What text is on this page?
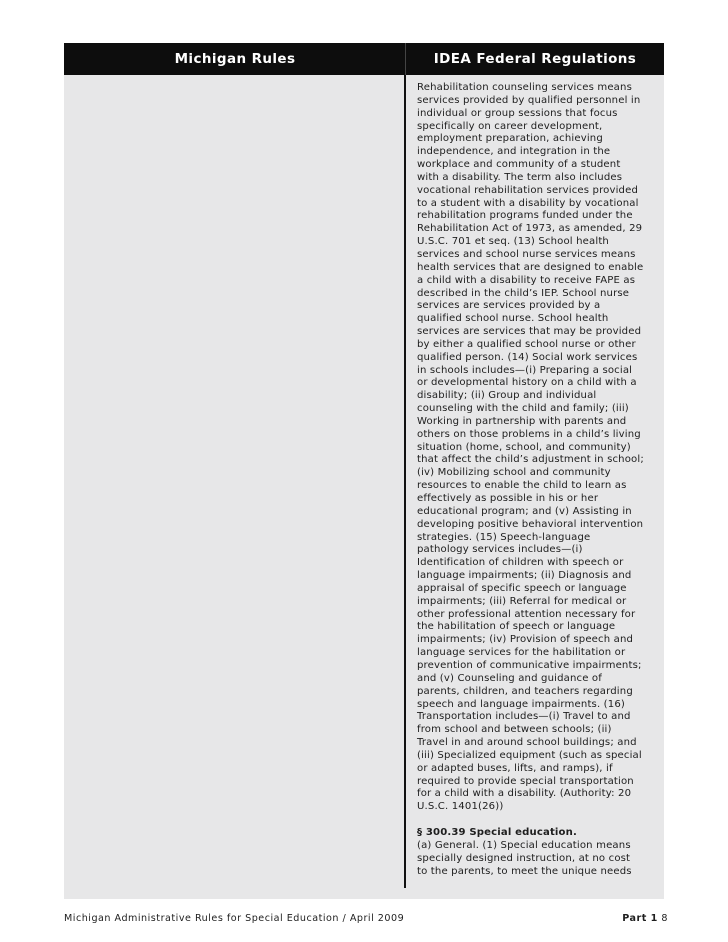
Michigan Rules	IDEA Federal Regulations

Rehabilitation counseling services means
services provided by qualified personnel in
individual or group sessions that focus
specifically on career development,
employment preparation, achieving
independence, and integration in the
workplace and community of a student
with a disability. The term also includes
vocational rehabilitation services provided
to a student with a disability by vocational
rehabilitation programs funded under the
Rehabilitation Act of 1973, as amended, 29
U.S.C. 701 et seq. (13) School health
services and school nurse services means
health services that are designed to enable
a child with a disability to receive FAPE as
described in the child’s IEP. School nurse
services are services provided by a
qualified school nurse. School health
services are services that may be provided
by either a qualified school nurse or other
qualified person. (14) Social work services
in schools includes—(i) Preparing a social
or developmental history on a child with a
disability; (ii) Group and individual
counseling with the child and family; (iii)
Working in partnership with parents and
others on those problems in a child’s living
situation (home, school, and community)
that affect the child’s adjustment in school;
(iv) Mobilizing school and community
resources to enable the child to learn as
effectively as possible in his or her
educational program; and (v) Assisting in
developing positive behavioral intervention
strategies. (15) Speech-language
pathology services includes—(i)
Identification of children with speech or
language impairments; (ii) Diagnosis and
appraisal of specific speech or language
impairments; (iii) Referral for medical or
other professional attention necessary for
the habilitation of speech or language
impairments; (iv) Provision of speech and
language services for the habilitation or
prevention of communicative impairments;
and (v) Counseling and guidance of
parents, children, and teachers regarding
speech and language impairments. (16)
Transportation includes—(i) Travel to and
from school and between schools; (ii)
Travel in and around school buildings; and
(iii) Specialized equipment (such as special
or adapted buses, lifts, and ramps), if
required to provide special transportation
for a child with a disability. (Authority: 20
U.S.C. 1401(26))

§ 300.39 Special education.

(a) General. (1) Special education means
specially designed instruction, at no cost
to the parents, to meet the unique needs

Michigan Administrative Rules for Special Education / April 2009	Part 1 8
